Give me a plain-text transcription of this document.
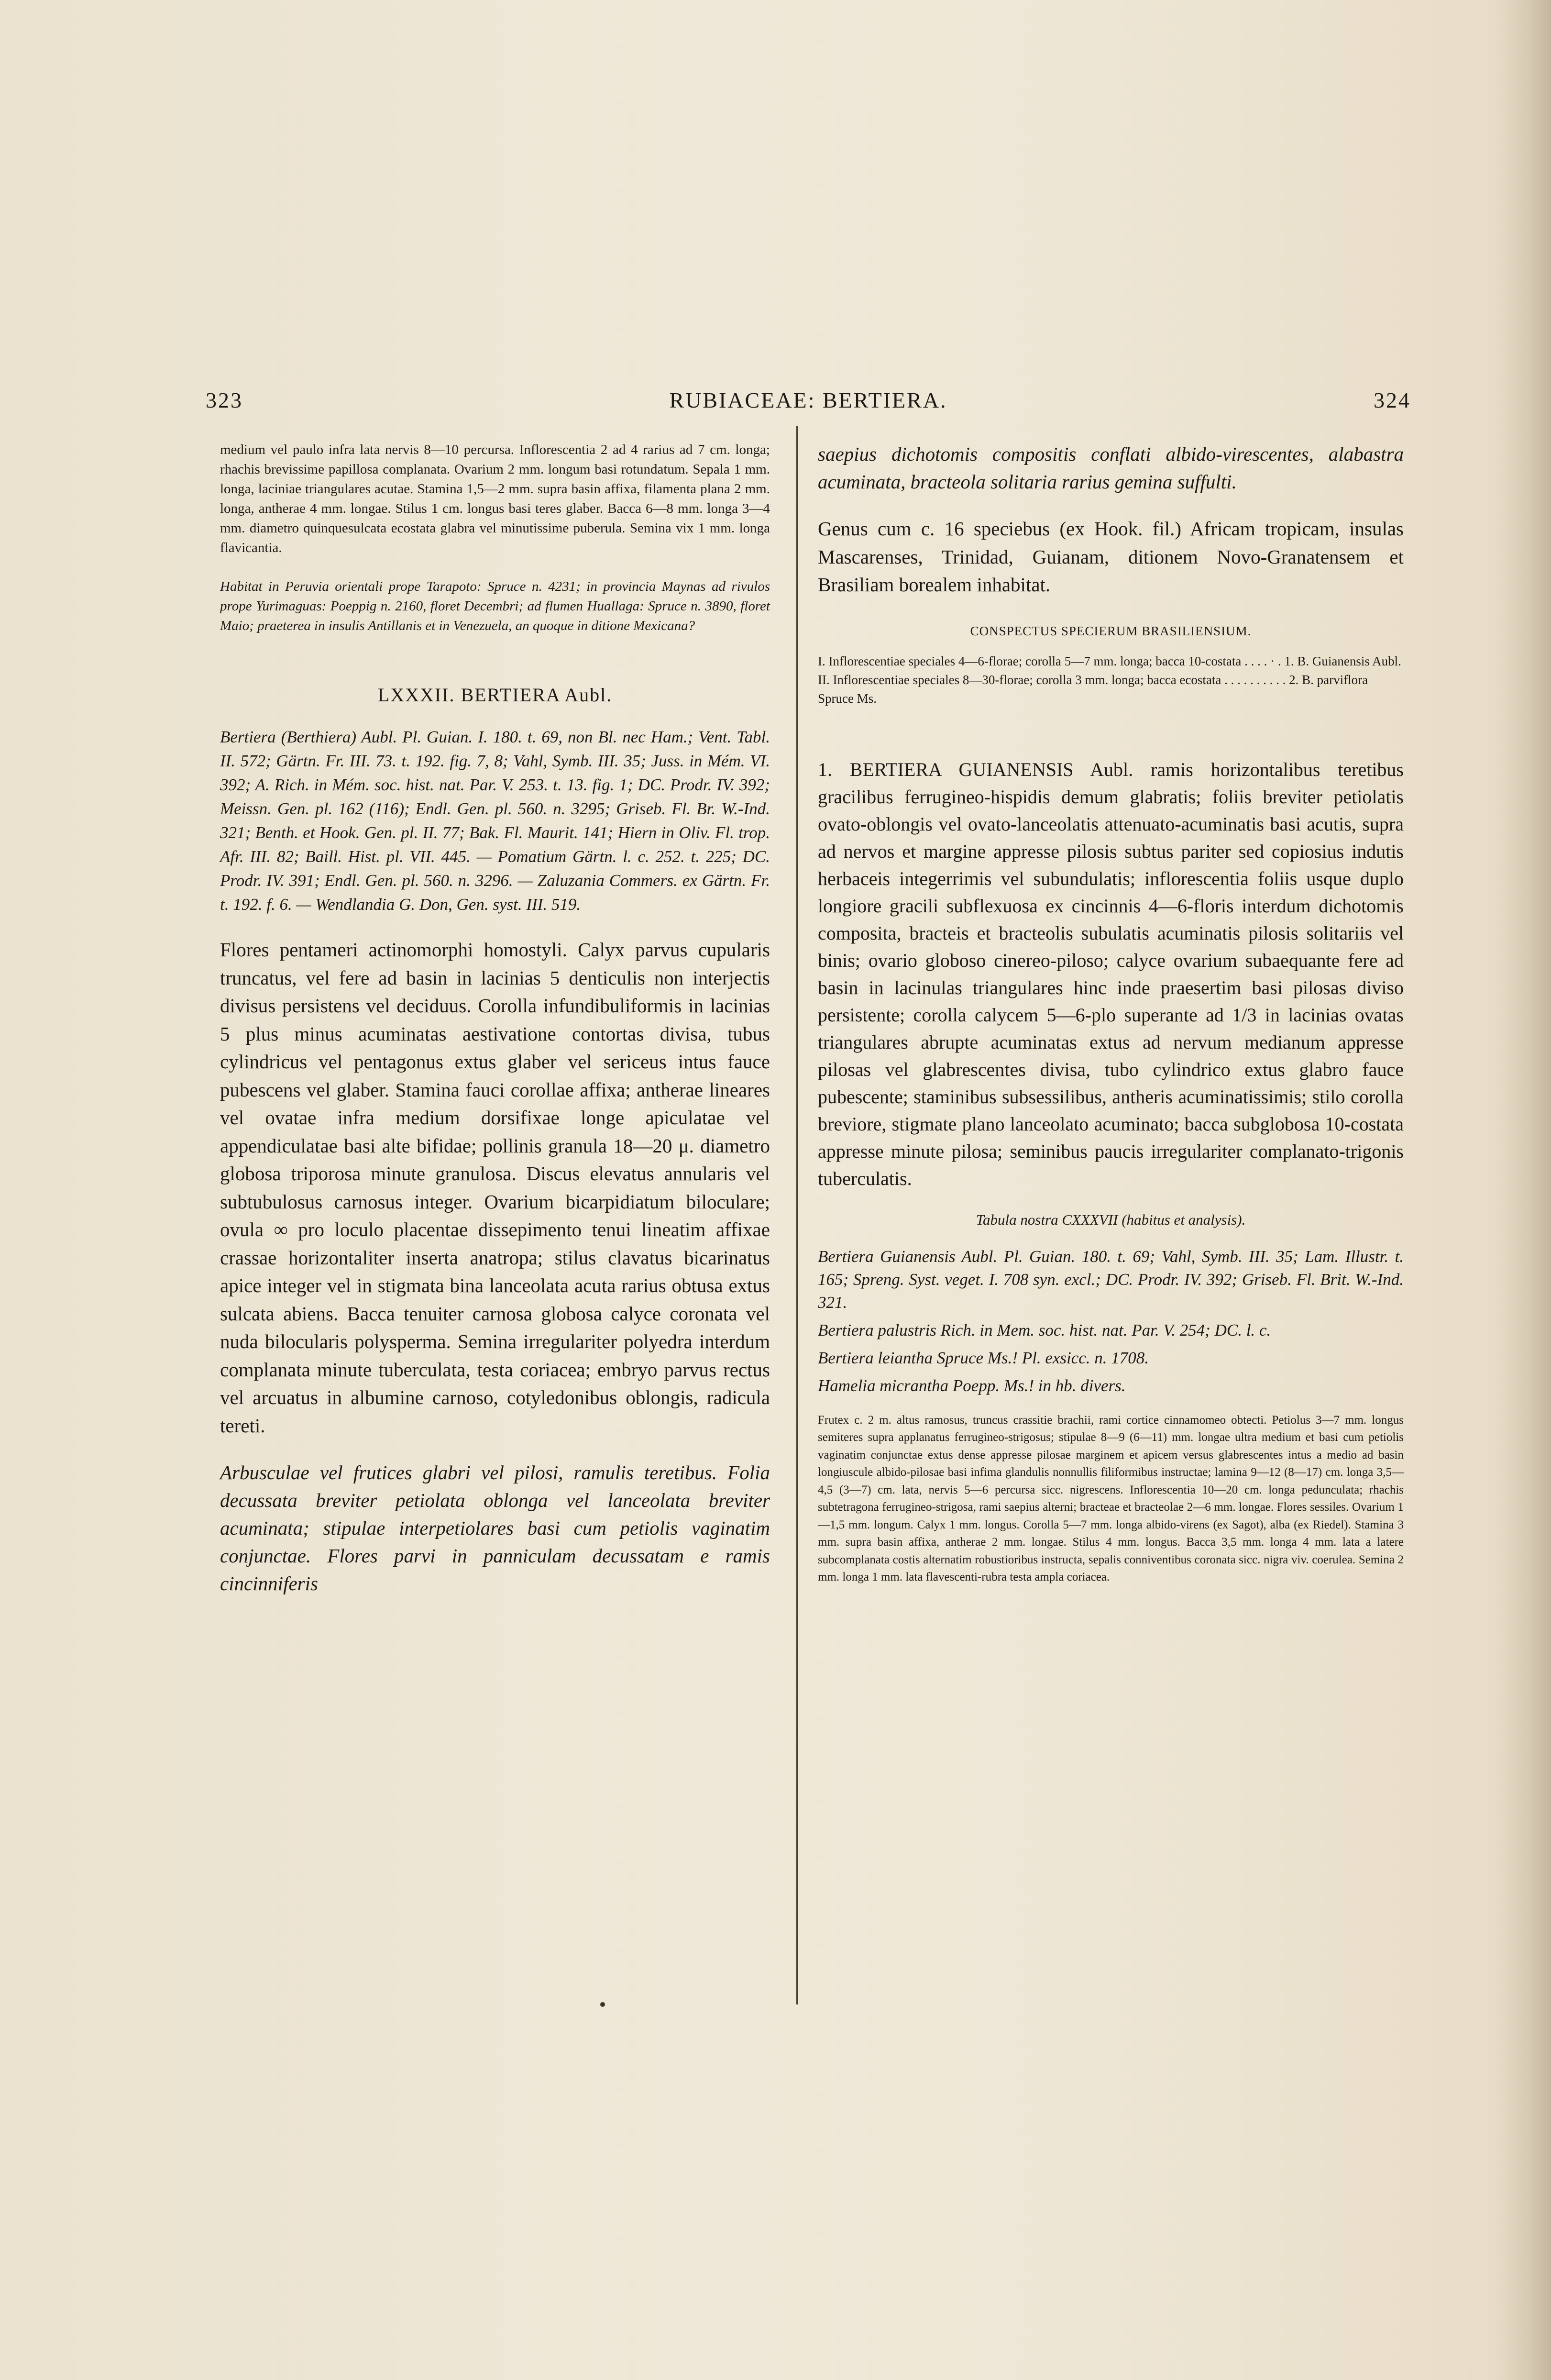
323	RUBIACEAE: BERTIERA.	324

medium vel paulo infra lata nervis 8—10 percursa. Inflorescentia 2 ad 4 rarius ad 7 cm. longa; rhachis brevissime papillosa complanata. Ovarium 2 mm. longum basi rotundatum. Sepala 1 mm. longa, laciniae triangulares acutae. Stamina 1,5—2 mm. supra basin affixa, filamenta plana 2 mm. longa, antherae 4 mm. longae. Stilus 1 cm. longus basi teres glaber. Bacca 6—8 mm. longa 3—4 mm. diametro quinquesulcata ecostata glabra vel minutissime puberula. Semina vix 1 mm. longa flavicantia.

Habitat in Peruvia orientali prope Tarapoto: Spruce n. 4231; in provincia Maynas ad rivulos prope Yurimaguas: Poeppig n. 2160, floret Decembri; ad flumen Huallaga: Spruce n. 3890, floret Maio; praeterea in insulis Antillanis et in Venezuela, an quoque in ditione Mexicana?

LXXXII. BERTIERA Aubl.

Bertiera (Berthiera) Aubl. Pl. Guian. I. 180. t. 69, non Bl. nec Ham.; Vent. Tabl. II. 572; Gärtn. Fr. III. 73. t. 192. fig. 7, 8; Vahl, Symb. III. 35; Juss. in Mém. VI. 392; A. Rich. in Mém. soc. hist. nat. Par. V. 253. t. 13. fig. 1; DC. Prodr. IV. 392; Meissn. Gen. pl. 162 (116); Endl. Gen. pl. 560. n. 3295; Griseb. Fl. Br. W.-Ind. 321; Benth. et Hook. Gen. pl. II. 77; Bak. Fl. Maurit. 141; Hiern in Oliv. Fl. trop. Afr. III. 82; Baill. Hist. pl. VII. 445. — Pomatium Gärtn. l. c. 252. t. 225; DC. Prodr. IV. 391; Endl. Gen. pl. 560. n. 3296. — Zaluzania Commers. ex Gärtn. Fr. t. 192. f. 6. — Wendlandia G. Don, Gen. syst. III. 519.

Flores pentameri actinomorphi homostyli. Calyx parvus cupularis truncatus, vel fere ad basin in lacinias 5 denticulis non interjectis divisus persistens vel deciduus. Corolla infundibuliformis in lacinias 5 plus minus acuminatas aestivatione contortas divisa, tubus cylindricus vel pentagonus extus glaber vel sericeus intus fauce pubescens vel glaber. Stamina fauci corollae affixa; antherae lineares vel ovatae infra medium dorsifixae longe apiculatae vel appendiculatae basi alte bifidae; pollinis granula 18—20 μ. diametro globosa triporosa minute granulosa. Discus elevatus annularis vel subtubulosus carnosus integer. Ovarium bicarpidiatum biloculare; ovula ∞ pro loculo placentae dissepimento tenui lineatim affixae crassae horizontaliter inserta anatropa; stilus clavatus bicarinatus apice integer vel in stigmata bina lanceolata acuta rarius obtusa extus sulcata abiens. Bacca tenuiter carnosa globosa calyce coronata vel nuda bilocularis polysperma. Semina irregulariter polyedra interdum complanata minute tuberculata, testa coriacea; embryo parvus rectus vel arcuatus in albumine carnoso, cotyledonibus oblongis, radicula tereti.

Arbusculae vel frutices glabri vel pilosi, ramulis teretibus. Folia decussata breviter petiolata oblonga vel lanceolata breviter acuminata; stipulae interpetiolares basi cum petiolis vaginatim conjunctae. Flores parvi in panniculam decussatam e ramis cincinniferis

saepius dichotomis compositis conflati albido-virescentes, alabastra acuminata, bracteola solitaria rarius gemina suffulti.

Genus cum c. 16 speciebus (ex Hook. fil.) Africam tropicam, insulas Mascarenses, Trinidad, Guianam, ditionem Novo-Granatensem et Brasiliam borealem inhabitat.

CONSPECTUS SPECIERUM BRASILIENSIUM.

I. Inflorescentiae speciales 4—6-florae; corolla 5—7 mm. longa; bacca 10-costata . . . . · . 1. B. Guianensis Aubl.

II. Inflorescentiae speciales 8—30-florae; corolla 3 mm. longa; bacca ecostata . . . . . . . . . . 2. B. parviflora Spruce Ms.

1. BERTIERA GUIANENSIS Aubl. ramis horizontalibus teretibus gracilibus ferrugineo-hispidis demum glabratis; foliis breviter petiolatis ovato-oblongis vel ovato-lanceolatis attenuato-acuminatis basi acutis, supra ad nervos et margine appresse pilosis subtus pariter sed copiosius indutis herbaceis integerrimis vel subundulatis; inflorescentia foliis usque duplo longiore gracili subflexuosa ex cincinnis 4—6-floris interdum dichotomis composita, bracteis et bracteolis subulatis acuminatis pilosis solitariis vel binis; ovario globoso cinereo-piloso; calyce ovarium subaequante fere ad basin in lacinulas triangulares hinc inde praesertim basi pilosas diviso persistente; corolla calycem 5—6-plo superante ad 1/3 in lacinias ovatas triangulares abrupte acuminatas extus ad nervum medianum appresse pilosas vel glabrescentes divisa, tubo cylindrico extus glabro fauce pubescente; staminibus subsessilibus, antheris acuminatissimis; stilo corolla breviore, stigmate plano lanceolato acuminato; bacca subglobosa 10-costata appresse minute pilosa; seminibus paucis irregulariter complanato-trigonis tuberculatis.

Tabula nostra CXXXVII (habitus et analysis).

Bertiera Guianensis Aubl. Pl. Guian. 180. t. 69; Vahl, Symb. III. 35; Lam. Illustr. t. 165; Spreng. Syst. veget. I. 708 syn. excl.; DC. Prodr. IV. 392; Griseb. Fl. Brit. W.-Ind. 321.

Bertiera palustris Rich. in Mem. soc. hist. nat. Par. V. 254; DC. l. c.

Bertiera leiantha Spruce Ms.! Pl. exsicc. n. 1708.

Hamelia micrantha Poepp. Ms.! in hb. divers.

Frutex c. 2 m. altus ramosus, truncus crassitie brachii, rami cortice cinnamomeo obtecti. Petiolus 3—7 mm. longus semiteres supra applanatus ferrugineo-strigosus; stipulae 8—9 (6—11) mm. longae ultra medium et basi cum petiolis vaginatim conjunctae extus dense appresse pilosae marginem et apicem versus glabrescentes intus a medio ad basin longiuscule albido-pilosae basi infima glandulis nonnullis filiformibus instructae; lamina 9—12 (8—17) cm. longa 3,5—4,5 (3—7) cm. lata, nervis 5—6 percursa sicc. nigrescens. Inflorescentia 10—20 cm. longa pedunculata; rhachis subtetragona ferrugineo-strigosa, rami saepius alterni; bracteae et bracteolae 2—6 mm. longae. Flores sessiles. Ovarium 1—1,5 mm. longum. Calyx 1 mm. longus. Corolla 5—7 mm. longa albido-virens (ex Sagot), alba (ex Riedel). Stamina 3 mm. supra basin affixa, antherae 2 mm. longae. Stilus 4 mm. longus. Bacca 3,5 mm. longa 4 mm. lata a latere subcomplanata costis alternatim robustioribus instructa, sepalis conniventibus coronata sicc. nigra viv. coerulea. Semina 2 mm. longa 1 mm. lata flavescenti-rubra testa ampla coriacea.
